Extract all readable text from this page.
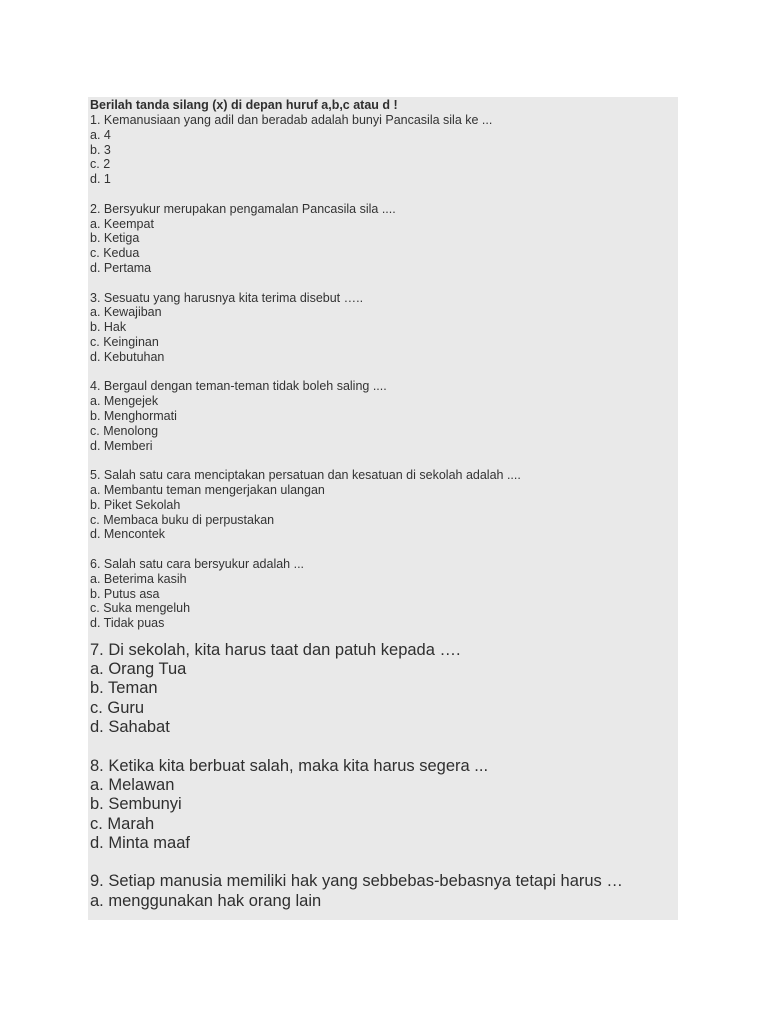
Berilah tanda silang (x) di depan huruf a,b,c atau d !
1. Kemanusiaan yang adil dan beradab adalah bunyi Pancasila sila ke ...
a. 4
b. 3
c. 2
d. 1
2. Bersyukur merupakan pengamalan Pancasila sila ....
a. Keempat
b. Ketiga
c. Kedua
d. Pertama
3. Sesuatu yang harusnya kita terima disebut …..
a. Kewajiban
b. Hak
c. Keinginan
d. Kebutuhan
4. Bergaul dengan teman-teman tidak boleh saling ....
a. Mengejek
b. Menghormati
c. Menolong
d. Memberi
5. Salah satu cara menciptakan persatuan dan kesatuan di sekolah adalah ....
a. Membantu teman mengerjakan ulangan
b. Piket Sekolah
c. Membaca buku di perpustakan
d. Mencontek
6. Salah satu cara bersyukur adalah ...
a. Beterima kasih
b. Putus asa
c. Suka mengeluh
d. Tidak puas
7. Di sekolah, kita harus taat dan patuh kepada ….
a. Orang Tua
b. Teman
c. Guru
d. Sahabat
8. Ketika kita berbuat salah, maka kita harus segera ...
a. Melawan
b. Sembunyi
c. Marah
d. Minta maaf
9. Setiap manusia memiliki hak yang sebbebas-bebasnya tetapi harus …
a. menggunakan hak orang lain
